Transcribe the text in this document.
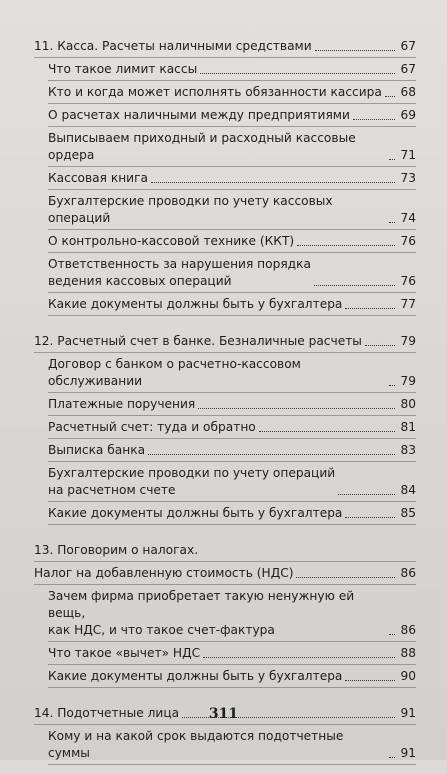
11. Касса. Расчеты наличными средствами	67
Что такое лимит кассы	67
Кто и когда может исполнять обязанности кассира 68
О расчетах наличными между предприятиями	69
Выписываем приходный и расходный кассовые ордера	71
Кассовая книга	73
Бухгалтерские проводки по учету кассовых операций	74
О контрольно-кассовой технике (ККТ)	76
Ответственность за нарушения порядка
ведения кассовых операций	76
Какие документы должны быть у бухгалтера	77
12. Расчетный счет в банке. Безналичные расчеты	79
Договор с банком о расчетно-кассовом обслуживании	79
Платежные поручения	80
Расчетный счет: туда и обратно	81
Выписка банка	83
Бухгалтерские проводки по учету операций
на расчетном счете	84
Какие документы должны быть у бухгалтера	85
13. Поговорим о налогах.
Налог на добавленную стоимость (НДС)	86
Зачем фирма приобретает такую ненужную ей вещь,
как НДС, и что такое счет-фактура	86
Что такое «вычет» НДС	88
Какие документы должны быть у бухгалтера	90
14. Подотчетные лица	91
Кому и на какой срок выдаются подотчетные суммы	91
311
